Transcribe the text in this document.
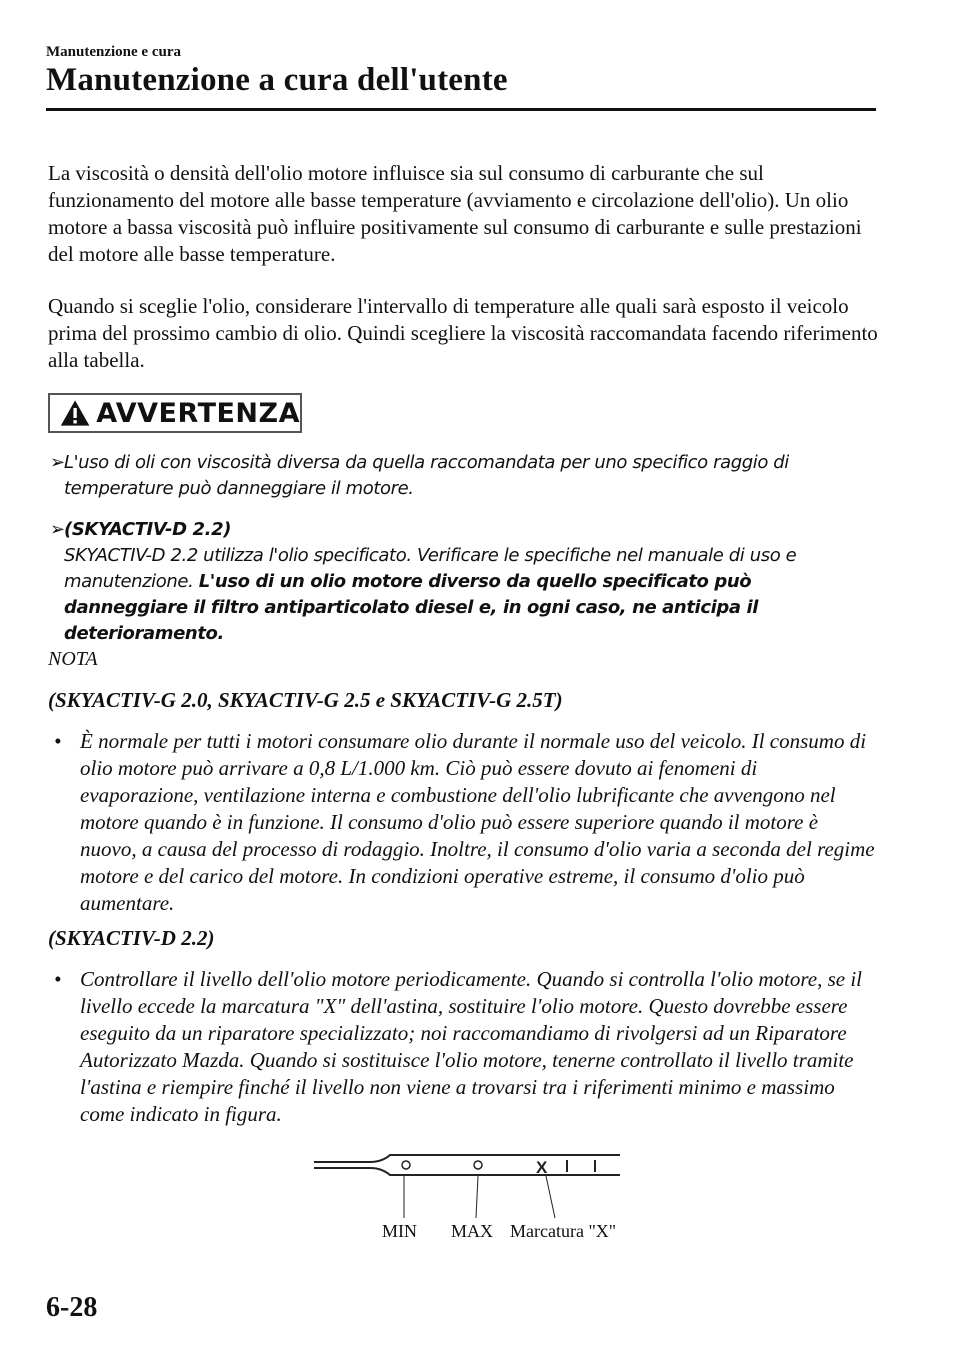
Manutenzione e cura
Manutenzione a cura dell'utente

La viscosità o densità dell'olio motore influisce sia sul consumo di carburante che sul funzionamento del motore alle basse temperature (avviamento e circolazione dell'olio). Un olio motore a bassa viscosità può influire positivamente sul consumo di carburante e sulle prestazioni del motore alle basse temperature.

Quando si sceglie l'olio, considerare l'intervallo di temperature alle quali sarà esposto il veicolo prima del prossimo cambio di olio. Quindi scegliere la viscosità raccomandata facendo riferimento alla tabella.

AVVERTENZA
➢ L'uso di oli con viscosità diversa da quella raccomandata per uno specifico raggio di temperature può danneggiare il motore.
➢ (SKYACTIV-D 2.2)
SKYACTIV-D 2.2 utilizza l'olio specificato. Verificare le specifiche nel manuale di uso e manutenzione. L'uso di un olio motore diverso da quello specificato può danneggiare il filtro antiparticolato diesel e, in ogni caso, ne anticipa il deterioramento.
NOTA
(SKYACTIV-G 2.0, SKYACTIV-G 2.5 e SKYACTIV-G 2.5T)
• È normale per tutti i motori consumare olio durante il normale uso del veicolo. Il consumo di olio motore può arrivare a 0,8 L/1.000 km. Ciò può essere dovuto ai fenomeni di evaporazione, ventilazione interna e combustione dell'olio lubrificante che avvengono nel motore quando è in funzione. Il consumo d'olio può essere superiore quando il motore è nuovo, a causa del processo di rodaggio. Inoltre, il consumo d'olio varia a seconda del regime motore e del carico del motore. In condizioni operative estreme, il consumo d'olio può aumentare.
(SKYACTIV-D 2.2)
• Controllare il livello dell'olio motore periodicamente. Quando si controlla l'olio motore, se il livello eccede la marcatura "X" dell'astina, sostituire l'olio motore. Questo dovrebbe essere eseguito da un riparatore specializzato; noi raccomandiamo di rivolgersi ad un Riparatore Autorizzato Mazda. Quando si sostituisce l'olio motore, tenerne controllato il livello tramite l'astina e riempire finché il livello non viene a trovarsi tra i riferimenti minimo e massimo come indicato in figura.
X
MIN MAX Marcatura "X"
6-28
